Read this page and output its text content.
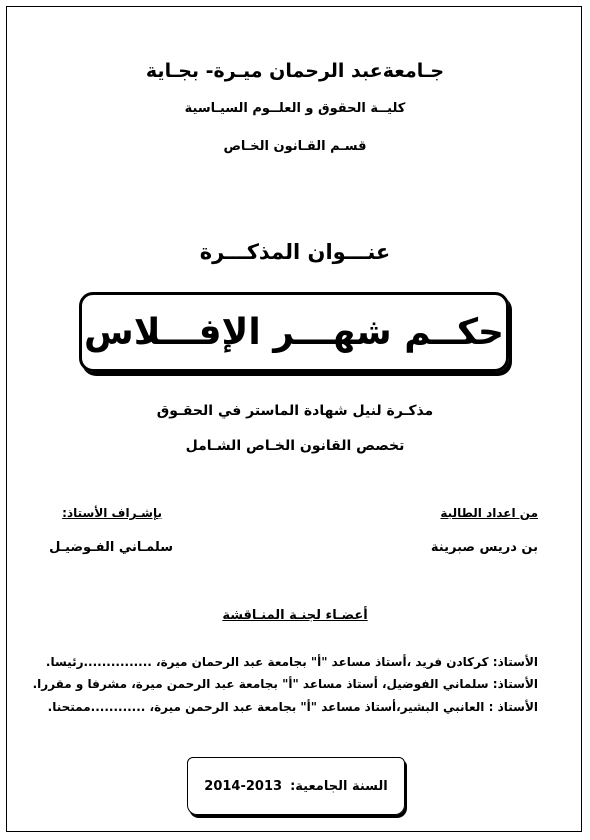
جـامعةعبد الرحمان ميـرة- بجـاية
كليــة الحقوق و العلــوم السيـاسية
قسـم القـانون الخـاص
عنـــوان المذكـــرة
حكــم شهـــر الإفـــلاس
مذكـرة لنيل شهادة الماستر في الحقـوق
تخصص القانون الخـاص الشـامل
من اعداد الطالبة
بن دريس صبرينة
بإشـراف الأستاذ:
سلمـاني الفـوضيـل
أعضـاء لجنـة المنـاقشة
الأستاذ: كركادن فريد ،أستاذ مساعد "أ" بجامعة عبد الرحمان ميرة، ...............رئيسا.
الأستاذ: سلماني الفوضيل، أستاذ مساعد "أ" بجامعة عبد الرحمن ميرة، مشرفا و مقررا.
الأستاذ : العانبي البشير،أستاذ مساعد "أ" بجامعة عبد الرحمن ميرة، ............ممتحنا.
السنة الجامعية:
2014-2013
